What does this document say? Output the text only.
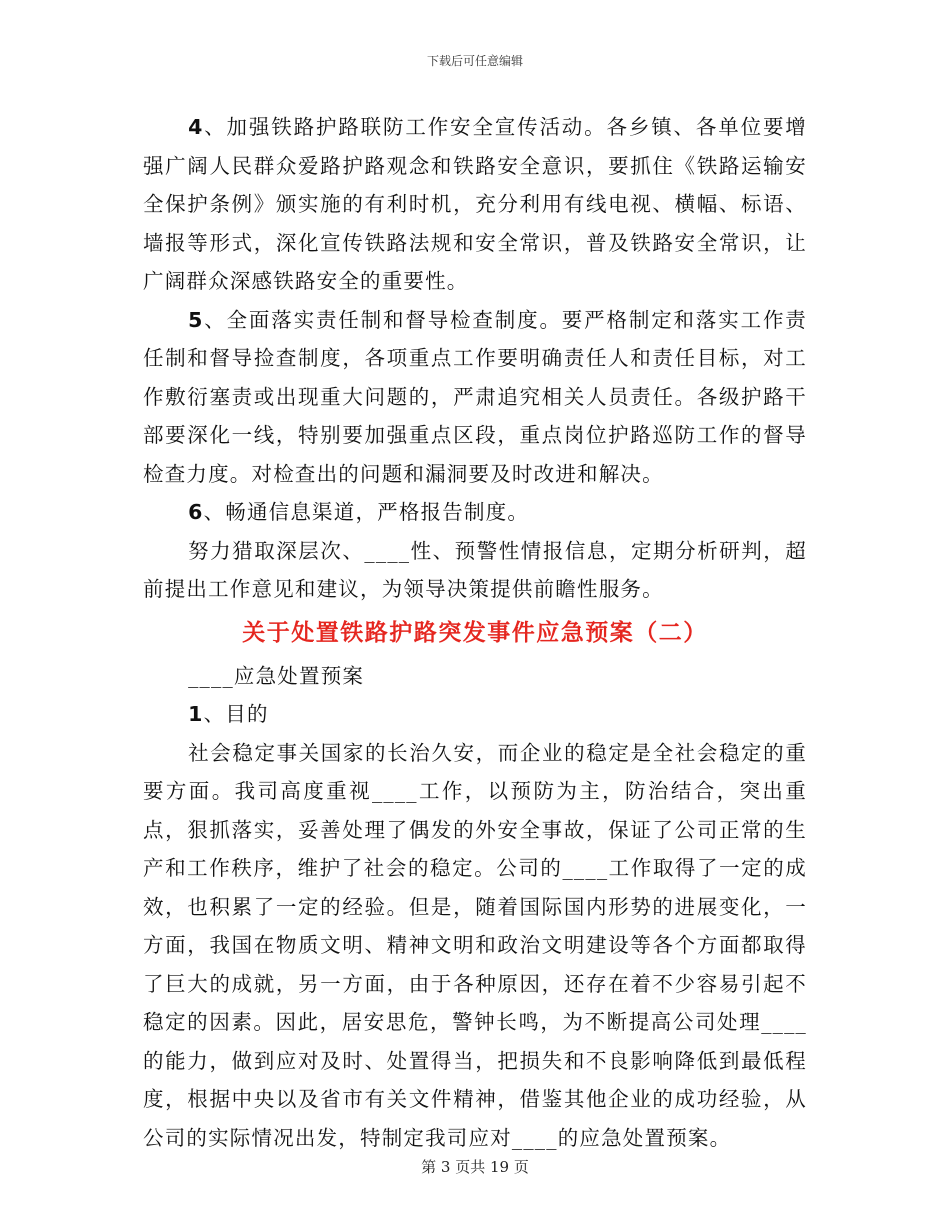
下载后可任意编辑

4、加强铁路护路联防工作安全宣传活动。各乡镇、各单位要增强广阔人民群众爱路护路观念和铁路安全意识，要抓住《铁路运输安全保护条例》颁实施的有利时机，充分利用有线电视、横幅、标语、墙报等形式，深化宣传铁路法规和安全常识，普及铁路安全常识，让广阔群众深感铁路安全的重要性。

5、全面落实责任制和督导检查制度。要严格制定和落实工作责任制和督导捡查制度，各项重点工作要明确责任人和责任目标，对工作敷衍塞责或出现重大问题的，严肃追究相关人员责任。各级护路干部要深化一线，特别要加强重点区段，重点岗位护路巡防工作的督导检查力度。对检查出的问题和漏洞要及时改进和解决。

6、畅通信息渠道，严格报告制度。

努力猎取深层次、____性、预警性情报信息，定期分析研判，超前提出工作意见和建议，为领导决策提供前瞻性服务。

关于处置铁路护路突发事件应急预案（二）

____应急处置预案

1、目的

社会稳定事关国家的长治久安，而企业的稳定是全社会稳定的重要方面。我司高度重视____工作，以预防为主，防治结合，突出重点，狠抓落实，妥善处理了偶发的外安全事故，保证了公司正常的生产和工作秩序，维护了社会的稳定。公司的____工作取得了一定的成效，也积累了一定的经验。但是，随着国际国内形势的进展变化，一方面，我国在物质文明、精神文明和政治文明建设等各个方面都取得了巨大的成就，另一方面，由于各种原因，还存在着不少容易引起不稳定的因素。因此，居安思危，警钟长鸣，为不断提高公司处理____的能力，做到应对及时、处置得当，把损失和不良影响降低到最低程度，根据中央以及省市有关文件精神，借鉴其他企业的成功经验，从公司的实际情况出发，特制定我司应对____的应急处置预案。

第 3 页共 19 页
